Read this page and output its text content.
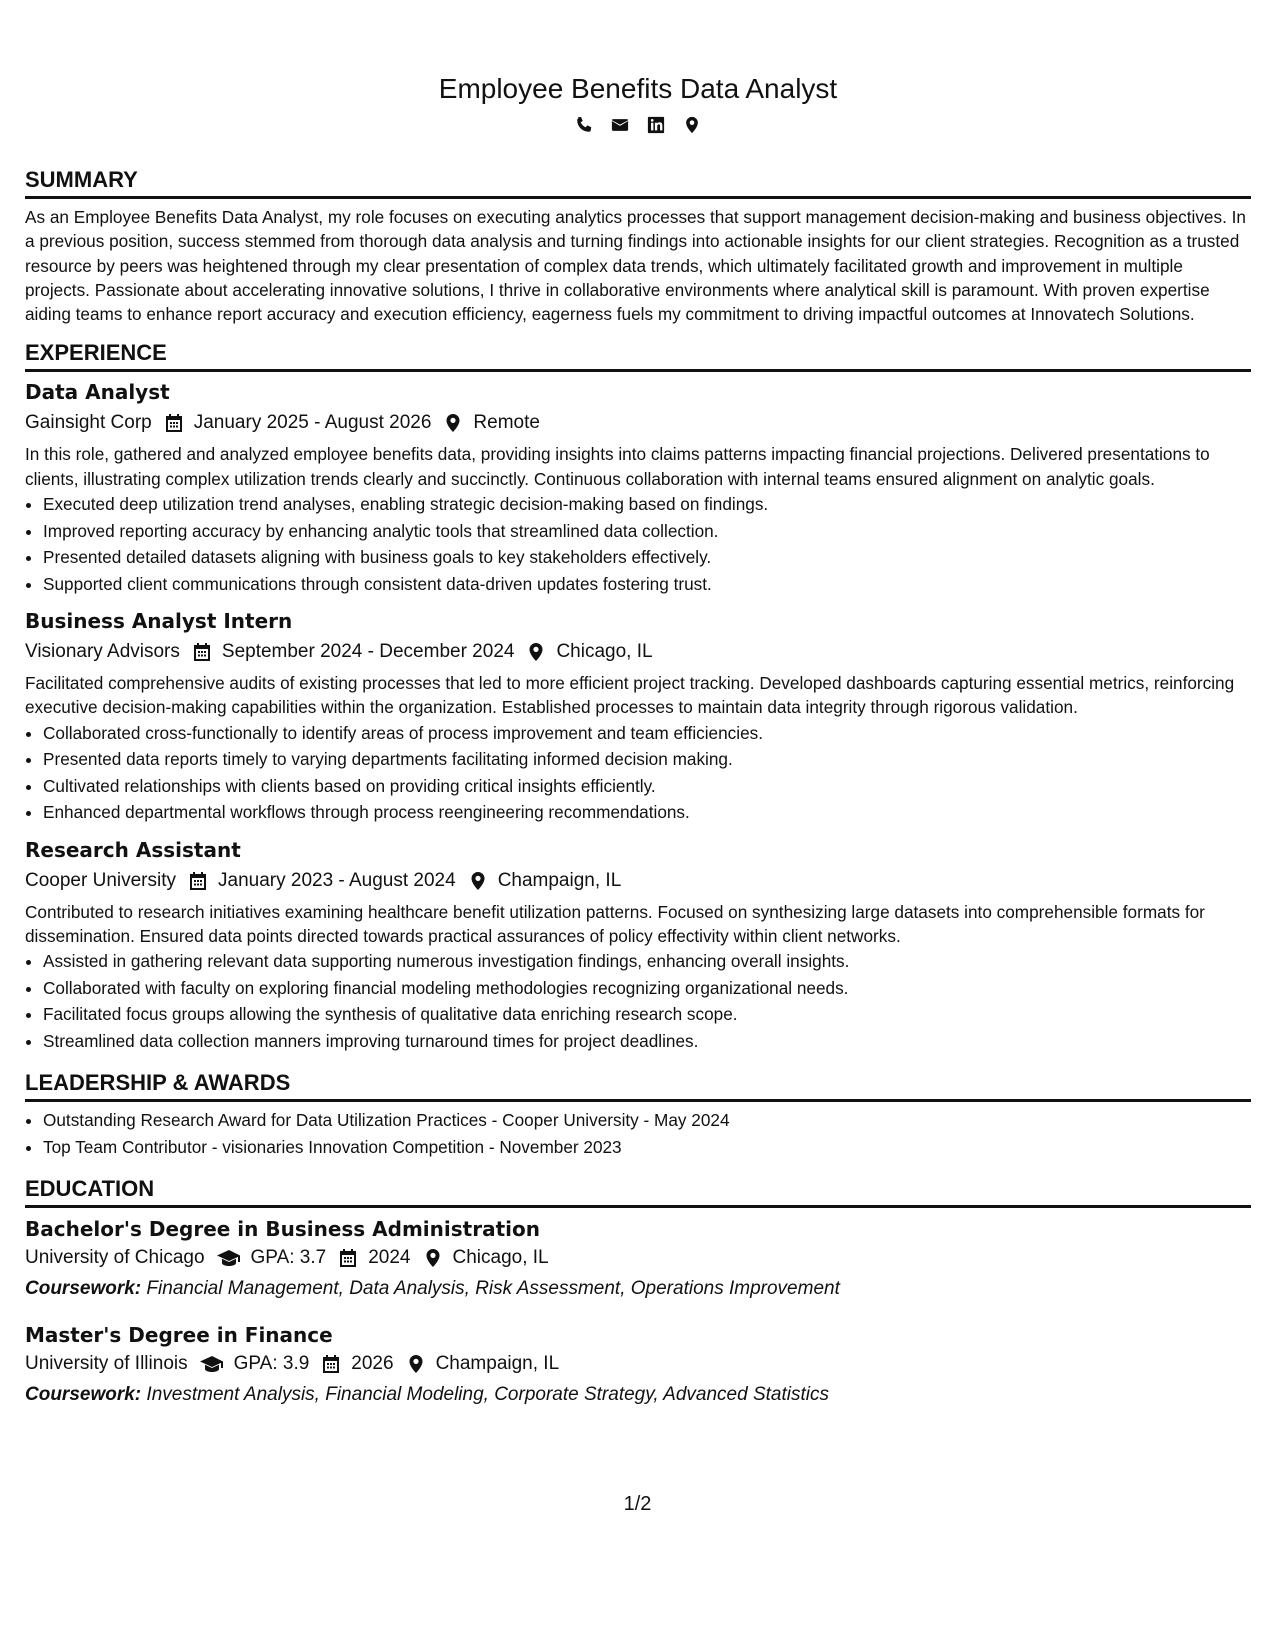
Employee Benefits Data Analyst
SUMMARY

As an Employee Benefits Data Analyst, my role focuses on executing analytics processes that support management decision-making and business objectives. In a previous position, success stemmed from thorough data analysis and turning findings into actionable insights for our client strategies. Recognition as a trusted resource by peers was heightened through my clear presentation of complex data trends, which ultimately facilitated growth and improvement in multiple projects. Passionate about accelerating innovative solutions, I thrive in collaborative environments where analytical skill is paramount. With proven expertise aiding teams to enhance report accuracy and execution efficiency, eagerness fuels my commitment to driving impactful outcomes at Innovatech Solutions.

EXPERIENCE
Data Analyst
Gainsight Corp January 2025 - August 2026 Remote

In this role, gathered and analyzed employee benefits data, providing insights into claims patterns impacting financial projections. Delivered presentations to clients, illustrating complex utilization trends clearly and succinctly. Continuous collaboration with internal teams ensured alignment on analytic goals.

• Executed deep utilization trend analyses, enabling strategic decision-making based on findings.
• Improved reporting accuracy by enhancing analytic tools that streamlined data collection.
• Presented detailed datasets aligning with business goals to key stakeholders effectively.
• Supported client communications through consistent data-driven updates fostering trust.
Business Analyst Intern
Visionary Advisors September 2024 - December 2024 Chicago, IL

Facilitated comprehensive audits of existing processes that led to more efficient project tracking. Developed dashboards capturing essential metrics, reinforcing executive decision-making capabilities within the organization. Established processes to maintain data integrity through rigorous validation.

• Collaborated cross-functionally to identify areas of process improvement and team efficiencies.
• Presented data reports timely to varying departments facilitating informed decision making.
• Cultivated relationships with clients based on providing critical insights efficiently.
• Enhanced departmental workflows through process reengineering recommendations.
Research Assistant
Cooper University January 2023 - August 2024 Champaign, IL

Contributed to research initiatives examining healthcare benefit utilization patterns. Focused on synthesizing large datasets into comprehensible formats for dissemination. Ensured data points directed towards practical assurances of policy effectivity within client networks.

• Assisted in gathering relevant data supporting numerous investigation findings, enhancing overall insights.
• Collaborated with faculty on exploring financial modeling methodologies recognizing organizational needs.
• Facilitated focus groups allowing the synthesis of qualitative data enriching research scope.
• Streamlined data collection manners improving turnaround times for project deadlines.
LEADERSHIP & AWARDS
• Outstanding Research Award for Data Utilization Practices - Cooper University - May 2024
• Top Team Contributor - visionaries Innovation Competition - November 2023
EDUCATION
Bachelor's Degree in Business Administration
University of Chicago GPA: 3.7 2024 Chicago, IL
Coursework: Financial Management, Data Analysis, Risk Assessment, Operations Improvement
Master's Degree in Finance
University of Illinois GPA: 3.9 2026 Champaign, IL
Coursework: Investment Analysis, Financial Modeling, Corporate Strategy, Advanced Statistics
1/2
